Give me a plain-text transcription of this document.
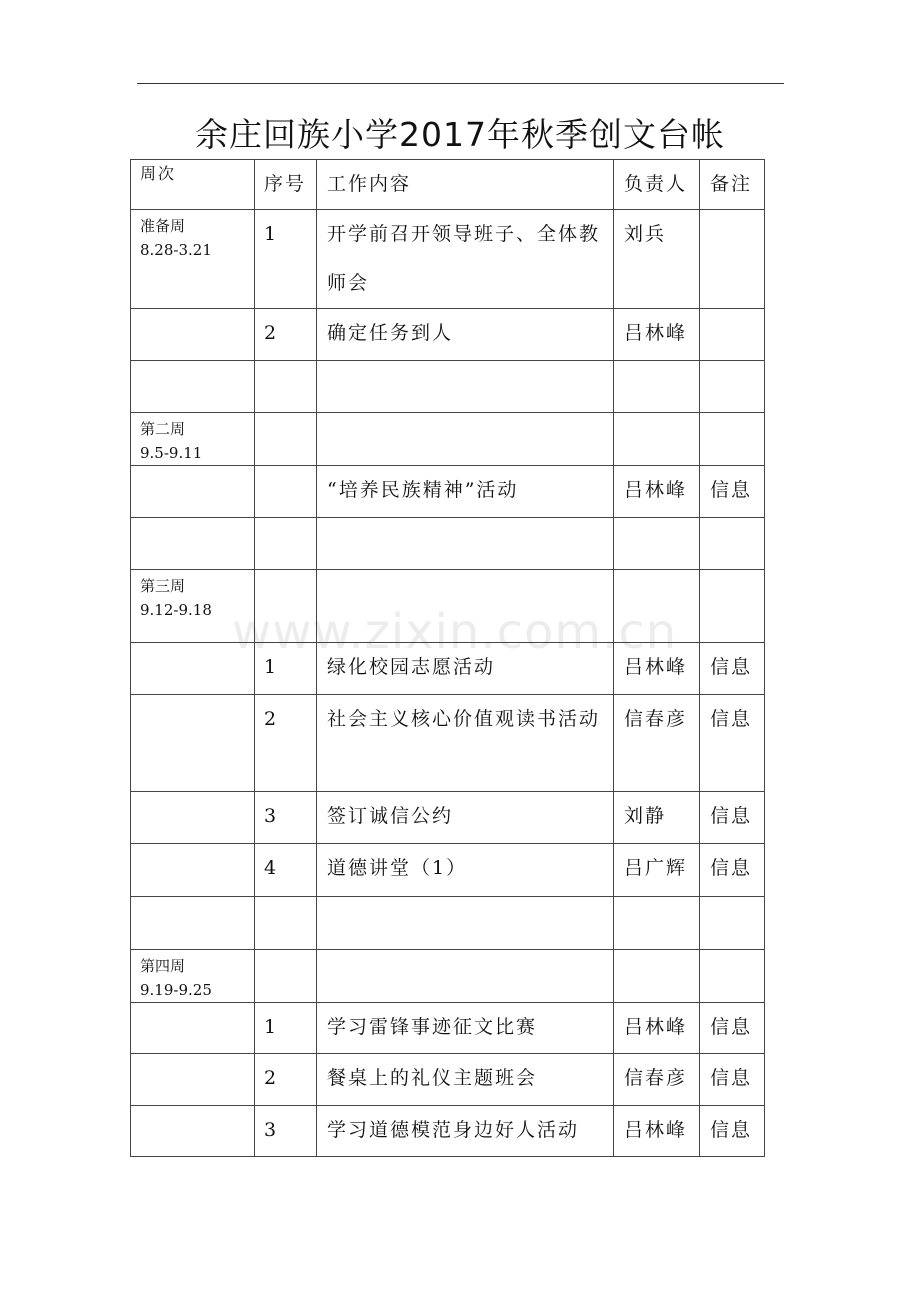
余庄回族小学2017年秋季创文台帐
www.zixin.com.cn
周次	序号	工作内容	负责人	备注

准备周
8.28-3.21	1	开学前召开领导班子、全体教师会	刘兵	

	2	确定任务到人	吕林峰	

第二周
9.5-9.11				

		“培养民族精神”活动	吕林峰	信息

第三周
9.12-9.18				

	1	绿化校园志愿活动	吕林峰	信息

	2	社会主义核心价值观读书活动	信春彦	信息

	3	签订诚信公约	刘静	信息

	4	道德讲堂（1）	吕广辉	信息

第四周
9.19-9.25				

	1	学习雷锋事迹征文比赛	吕林峰	信息

	2	餐桌上的礼仪主题班会	信春彦	信息

	3	学习道德模范身边好人活动	吕林峰	信息
